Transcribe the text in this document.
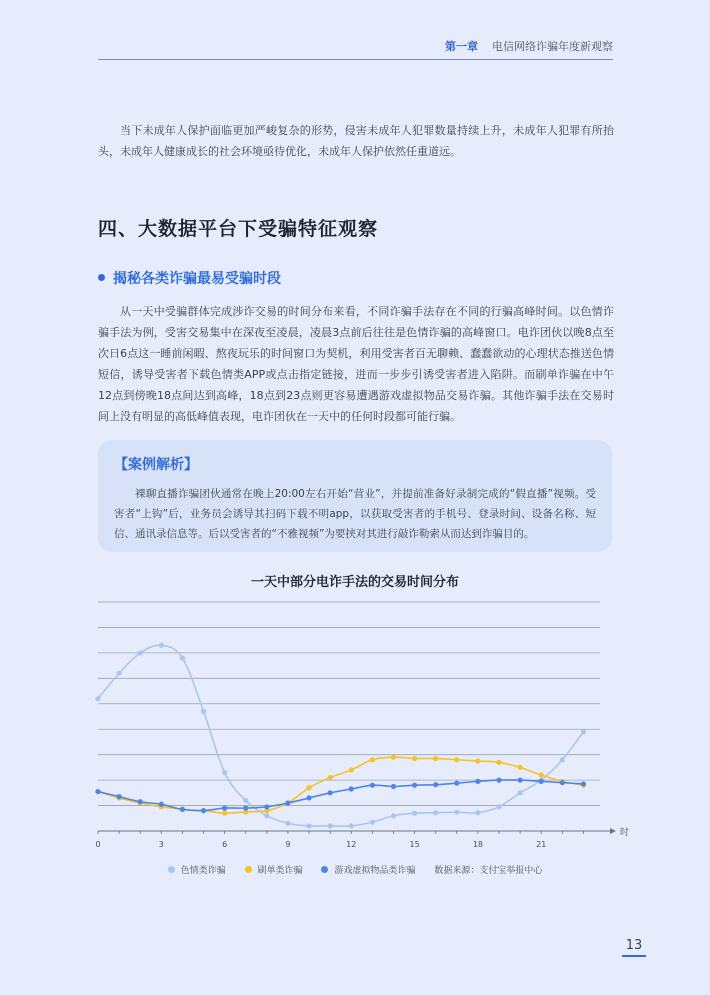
第一章 电信网络诈骗年度新观察

当下未成年人保护面临更加严峻复杂的形势，侵害未成年人犯罪数量持续上升，未成年人犯罪有所抬头，未成年人健康成长的社会环境亟待优化，未成年人保护依然任重道远。

四、大数据平台下受骗特征观察
揭秘各类诈骗最易受骗时段

从一天中受骗群体完成涉诈交易的时间分布来看，不同诈骗手法存在不同的行骗高峰时间。以色情诈骗手法为例，受害交易集中在深夜至凌晨，凌晨3点前后往往是色情诈骗的高峰窗口。电诈团伙以晚8点至次日6点这一睡前闲暇、熬夜玩乐的时间窗口为契机，利用受害者百无聊赖、蠢蠢欲动的心理状态推送色情短信，诱导受害者下载色情类APP或点击指定链接，进而一步步引诱受害者进入陷阱。而刷单诈骗在中午12点到傍晚18点间达到高峰，18点到23点则更容易遭遇游戏虚拟物品交易诈骗。其他诈骗手法在交易时间上没有明显的高低峰值表现，电诈团伙在一天中的任何时段都可能行骗。

【案例解析】

裸聊直播诈骗团伙通常在晚上20:00左右开始“营业”，并提前准备好录制完成的“假直播”视频。受害者“上钩”后，业务员会诱导其扫码下载不明app，以获取受害者的手机号、登录时间、设备名称、短信、通讯录信息等。后以受害者的“不雅视频”为要挟对其进行敲诈勒索从而达到诈骗目的。

一天中部分电诈手法的交易时间分布
0	3	6	9	12	15	18	21
时
色情类诈骗	刷单类诈骗	游戏虚拟物品类诈骗 数据来源：支付宝举报中心
13
